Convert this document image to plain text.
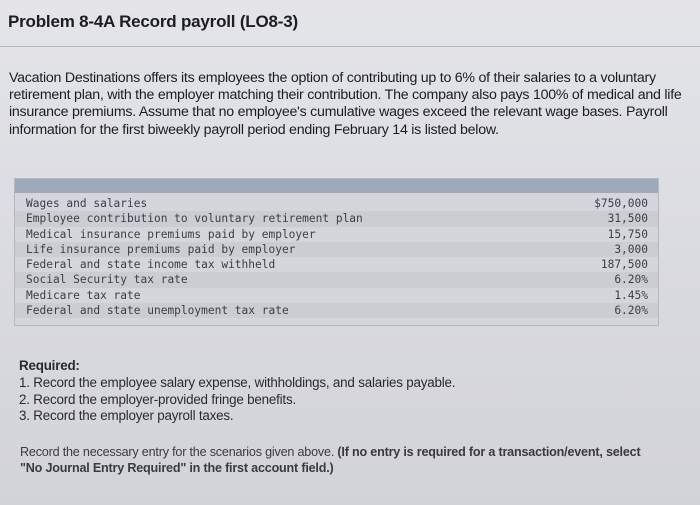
Problem 8-4A Record payroll (LO8-3)
Vacation Destinations offers its employees the option of contributing up to 6% of their salaries to a voluntary retirement plan, with the employer matching their contribution. The company also pays 100% of medical and life insurance premiums. Assume that no employee's cumulative wages exceed the relevant wage bases. Payroll information for the first biweekly payroll period ending February 14 is listed below.
Wages and salaries	$750,000
Employee contribution to voluntary retirement plan	31,500
Medical insurance premiums paid by employer	15,750
Life insurance premiums paid by employer	3,000
Federal and state income tax withheld	187,500
Social Security tax rate	6.20%
Medicare tax rate	1.45%
Federal and state unemployment tax rate	6.20%
Required:
1. Record the employee salary expense, withholdings, and salaries payable.
2. Record the employer-provided fringe benefits.
3. Record the employer payroll taxes.
Record the necessary entry for the scenarios given above. (If no entry is required for a transaction/event, select "No Journal Entry Required" in the first account field.)
